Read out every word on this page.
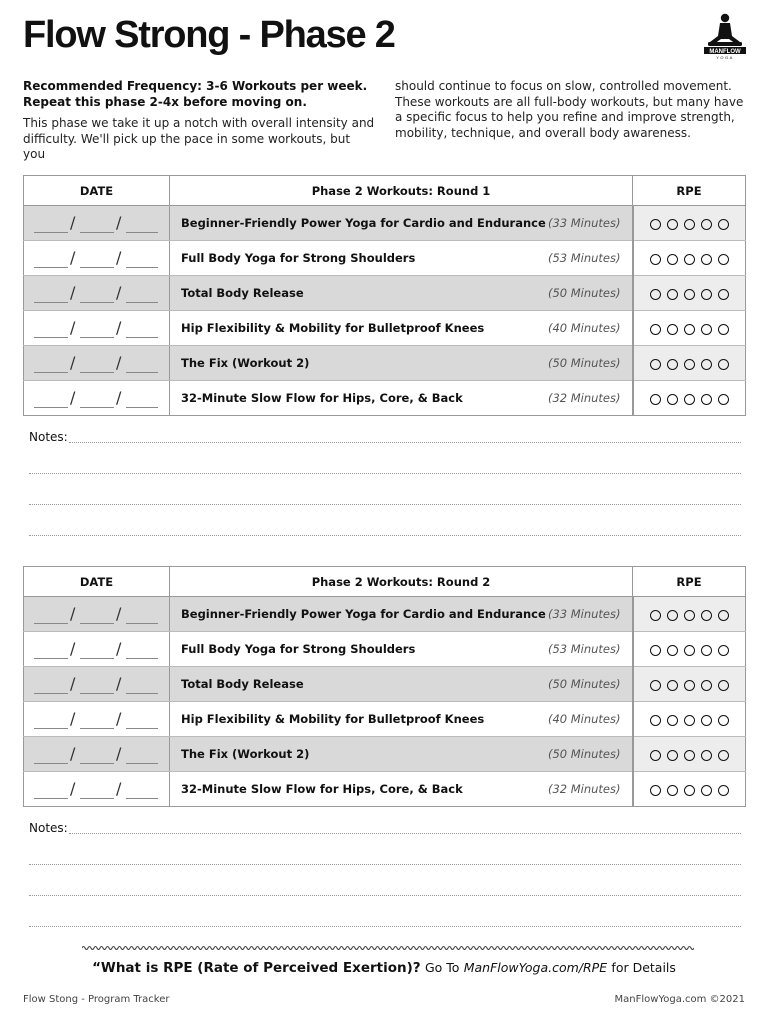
Flow Strong - Phase 2	MANFLOW
YOGA
Recommended Frequency: 3-6 Workouts per week.
Repeat this phase 2-4x before moving on.
This phase we take it up a notch with overall intensity and difficulty. We'll pick up the pace in some workouts, but you
should continue to focus on slow, controlled movement. These workouts are all full-body workouts, but many have a specific focus to help you refine and improve strength, mobility, technique, and overall body awareness.
DATE	Phase 2 Workouts: Round 1	RPE

/ /	Beginner-Friendly Power Yoga for Cardio and Endurance (33 Minutes)	

/ /	Full Body Yoga for Strong Shoulders (53 Minutes)	

/ /	Total Body Release (50 Minutes)	

/ /	Hip Flexibility & Mobility for Bulletproof Knees (40 Minutes)	

/ /	The Fix (Workout 2) (50 Minutes)	

/ /	32-Minute Slow Flow for Hips, Core, & Back (32 Minutes)	

Notes:
DATE	Phase 2 Workouts: Round 2	RPE

/ /	Beginner-Friendly Power Yoga for Cardio and Endurance (33 Minutes)	

/ /	Full Body Yoga for Strong Shoulders (53 Minutes)	

/ /	Total Body Release (50 Minutes)	

/ /	Hip Flexibility & Mobility for Bulletproof Knees (40 Minutes)	

/ /	The Fix (Workout 2) (50 Minutes)	

/ /	32-Minute Slow Flow for Hips, Core, & Back (32 Minutes)	

Notes:
“What is RPE (Rate of Perceived Exertion)? Go To ManFlowYoga.com/RPE for Details
Flow Stong - Program Tracker	ManFlowYoga.com ©2021
